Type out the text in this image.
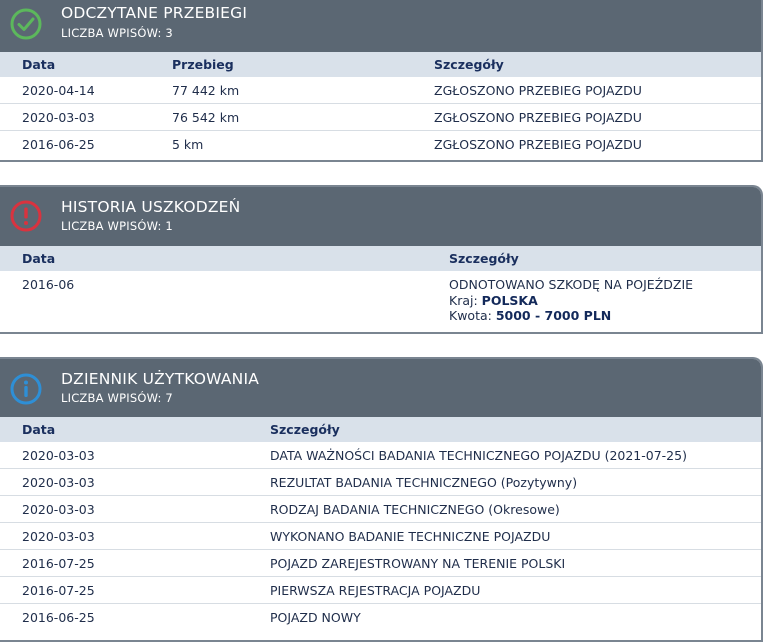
ODCZYTANE PRZEBIEGI
LICZBA WPISÓW: 3
Data	Przebieg	Szczegóły
2020-04-14	77 442 km	ZGŁOSZONO PRZEBIEG POJAZDU
2020-03-03	76 542 km	ZGŁOSZONO PRZEBIEG POJAZDU
2016-06-25	5 km	ZGŁOSZONO PRZEBIEG POJAZDU
HISTORIA USZKODZEŃ
LICZBA WPISÓW: 1
Data	Szczegóły
2016-06	ODNOTOWANO SZKODĘ NA POJEŹDZIE
Kraj: POLSKA
Kwota: 5000 - 7000 PLN
DZIENNIK UŻYTKOWANIA
LICZBA WPISÓW: 7
Data	Szczegóły
2020-03-03	DATA WAŻNOŚCI BADANIA TECHNICZNEGO POJAZDU (2021-07-25)
2020-03-03	REZULTAT BADANIA TECHNICZNEGO (Pozytywny)
2020-03-03	RODZAJ BADANIA TECHNICZNEGO (Okresowe)
2020-03-03	WYKONANO BADANIE TECHNICZNE POJAZDU
2016-07-25	POJAZD ZAREJESTROWANY NA TERENIE POLSKI
2016-07-25	PIERWSZA REJESTRACJA POJAZDU
2016-06-25	POJAZD NOWY
